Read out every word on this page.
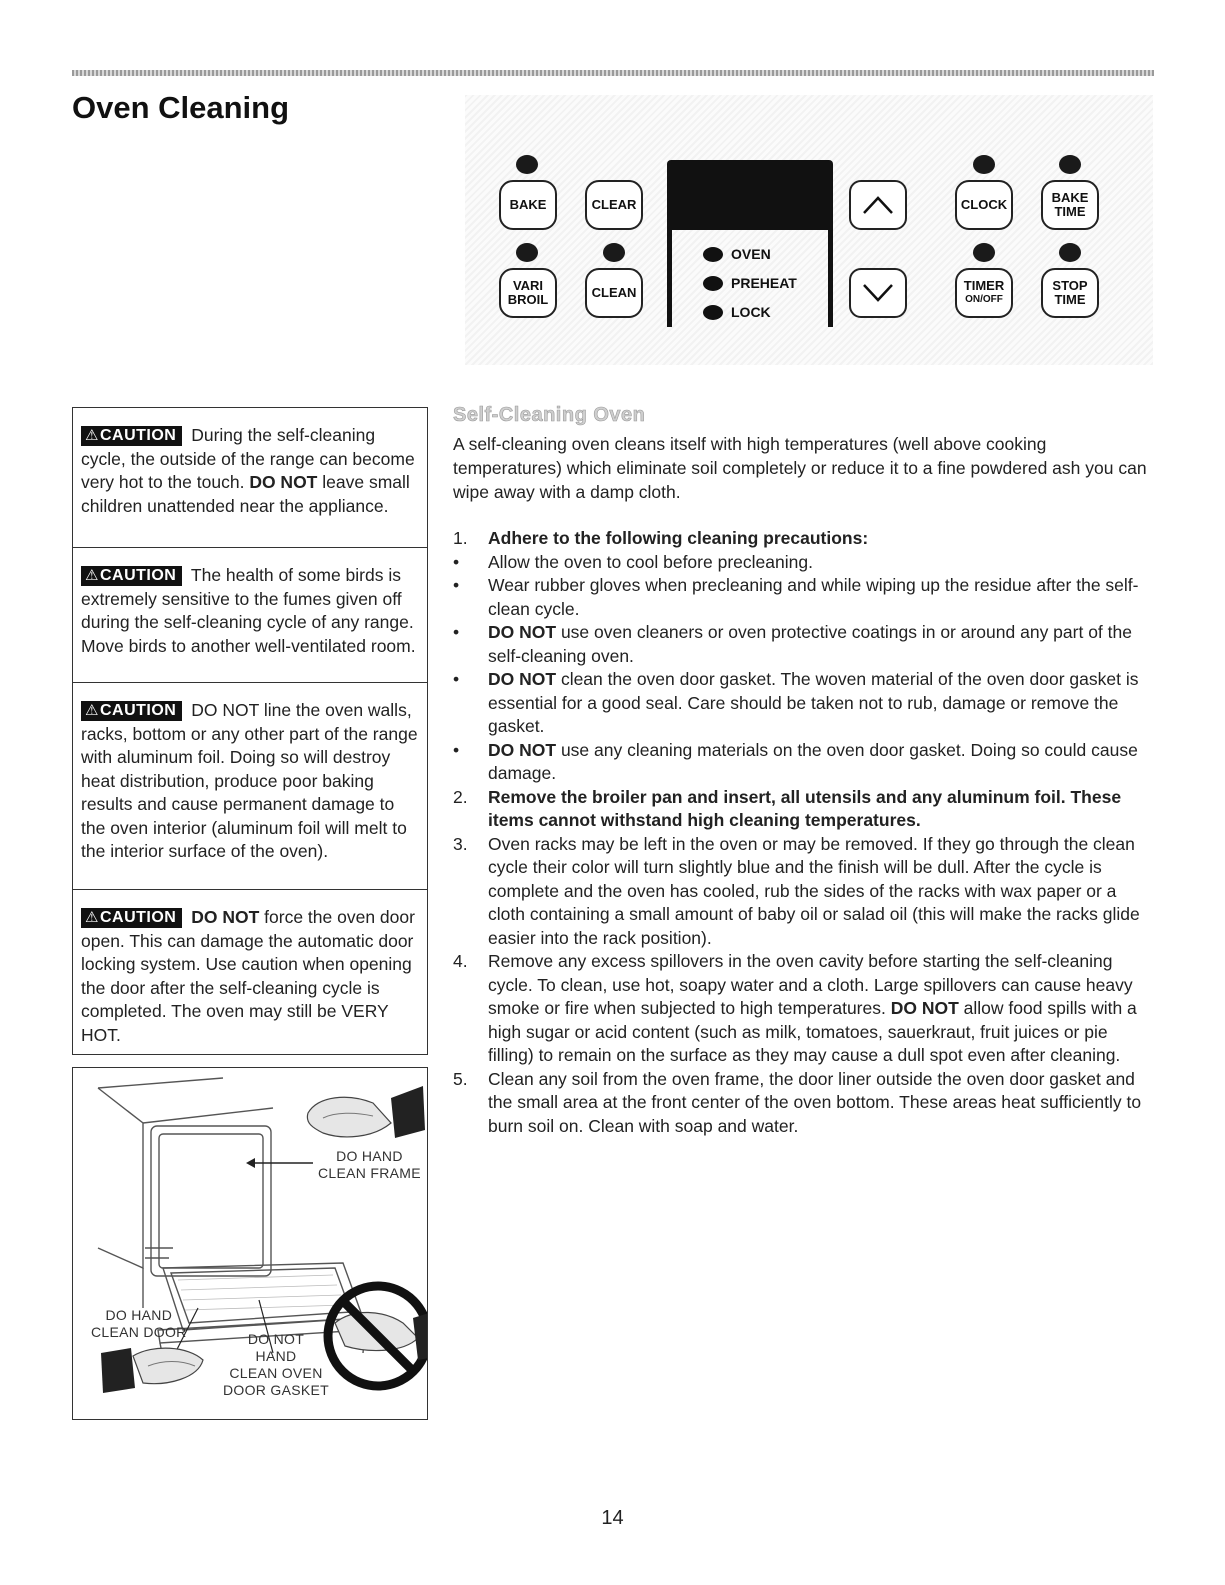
Oven Cleaning
BAKE	CLEAR	CLOCK	BAKE
TIME
VARI
BROIL	CLEAN
OVEN
PREHEAT
LOCK
TIMER

ON/OFF
STOP
TIME
⚠CAUTION During the self-cleaning cycle, the outside of the range can become very hot to the touch. DO NOT leave small children unattended near the appliance.
⚠CAUTION The health of some birds is extremely sensitive to the fumes given off during the self-cleaning cycle of any range. Move birds to another well-ventilated room.
⚠CAUTION DO NOT line the oven walls, racks, bottom or any other part of the range with aluminum foil. Doing so will destroy heat distribution, produce poor baking results and cause permanent damage to the oven interior (aluminum foil will melt to the interior surface of the oven).
⚠CAUTION DO NOT force the oven door open. This can damage the automatic door locking system. Use caution when opening the door after the self-cleaning cycle is completed. The oven may still be VERY HOT.
DO HAND
CLEAN FRAME
DO HAND
CLEAN DOOR	DO NOT
HAND
CLEAN OVEN
DOOR GASKET
Self-Cleaning Oven

A self-cleaning oven cleans itself with high temperatures (well above cooking temperatures) which eliminate soil completely or reduce it to a fine powdered ash you can wipe away with a damp cloth.

1. Adhere to the following cleaning precautions:
• Allow the oven to cool before precleaning.
• Wear rubber gloves when precleaning and while wiping up the residue after the self-clean cycle.
• DO NOT use oven cleaners or oven protective coatings in or around any part of the self-cleaning oven.
• DO NOT clean the oven door gasket. The woven material of the oven door gasket is essential for a good seal. Care should be taken not to rub, damage or remove the gasket.
• DO NOT use any cleaning materials on the oven door gasket. Doing so could cause damage.
2. Remove the broiler pan and insert, all utensils and any aluminum foil. These items cannot withstand high cleaning temperatures.
3. Oven racks may be left in the oven or may be removed. If they go through the clean cycle their color will turn slightly blue and the finish will be dull. After the cycle is complete and the oven has cooled, rub the sides of the racks with wax paper or a cloth containing a small amount of baby oil or salad oil (this will make the racks glide easier into the rack position).
4. Remove any excess spillovers in the oven cavity before starting the self-cleaning cycle. To clean, use hot, soapy water and a cloth. Large spillovers can cause heavy smoke or fire when subjected to high temperatures. DO NOT allow food spills with a high sugar or acid content (such as milk, tomatoes, sauerkraut, fruit juices or pie filling) to remain on the surface as they may cause a dull spot even after cleaning.
5. Clean any soil from the oven frame, the door liner outside the oven door gasket and the small area at the front center of the oven bottom. These areas heat sufficiently to burn soil on. Clean with soap and water.
14
